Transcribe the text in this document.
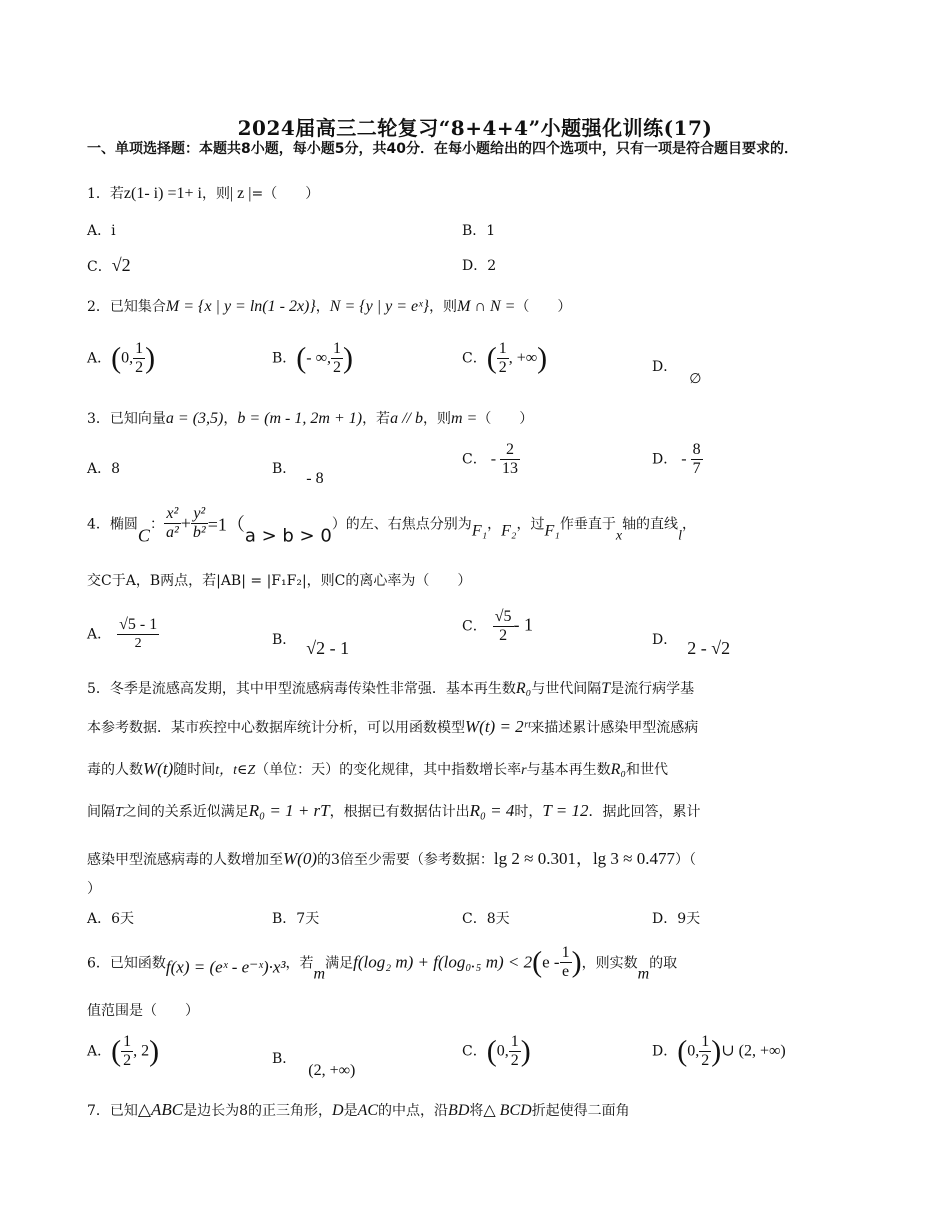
2024届高三二轮复习“8+4+4”小题强化训练(17)
一、单项选择题：本题共8小题，每小题5分，共40分．在每小题给出的四个选项中，只有一项是符合题目要求的．
1．若z(1- i) =1+ i，则| z |=（　　）
A．i	B．1
C．√2	D．2
2．已知集合M = {x | y = ln(1 - 2x)}，N = {y | y = eˣ}，则M ∩ N =（　　）
A．(0, $\frac{1}{2}$ )	B．(- ∞, $\frac{1}{2}$ )	C．( $\frac{1}{2}$ , +∞)	D．∅
3．已知向量a = (3,5)，b = (m - 1, 2m + 1)，若a // b，则m =（　　）
A．8	B．- 8
C． - $\frac{2}{13}$	D． - $\frac{8}{7}$
4．椭圆C： $\frac{\text{x²}}{\text{a²}} + \frac{\text{y²}}{\text{b²}} =1(a > b > 0)$的左、右焦点分别为F₁，F₂，过F₁作垂直于x轴的直线l，
交C于A，B两点，若|AB| = |F₁F₂|，则C的离心率为（　　）
A． $\frac{√5 - 1}{2}$	B． √2 - 1
C． $\frac{√5}{2} - 1$
D． 2 - √2
5．冬季是流感高发期，其中甲型流感病毒传染性非常强．基本再生数R₀与世代间隔T是流行病学基
本参考数据．某市疾控中心数据库统计分析，可以用函数模型W(t) = 2ʳᵗ来描述累计感染甲型流感病
毒的人数W(t)随时间t，t∈Z（单位：天）的变化规律，其中指数增长率r与基本再生数R₀和世代
间隔T之间的关系近似满足R₀ = 1 + rT，根据已有数据估计出R₀ = 4时，T = 12．据此回答，累计
感染甲型流感病毒的人数增加至W(0)的3倍至少需要（参考数据：lg 2 ≈ 0.301，lg 3 ≈ 0.477）（
）
A．6天	B．7天	C．8天	D．9天
6．已知函数f(x) = (eˣ - e⁻ˣ)·x³，若m满足f(log₂ m) + f(log₀.₅ $m) < 2(e - \frac{1}{e}$ )，则实数m的取
值范围是（　　）
A．( $\frac{1}{2}$ , 2)	B．(2, +∞)
C．(0, $\frac{1}{2}$ )	D．(0, $\frac{1}{2}$ )∪ (2, +∞)
7．已知△ABC是边长为8的正三角形，D是AC的中点，沿BD将△ BCD折起使得二面角
